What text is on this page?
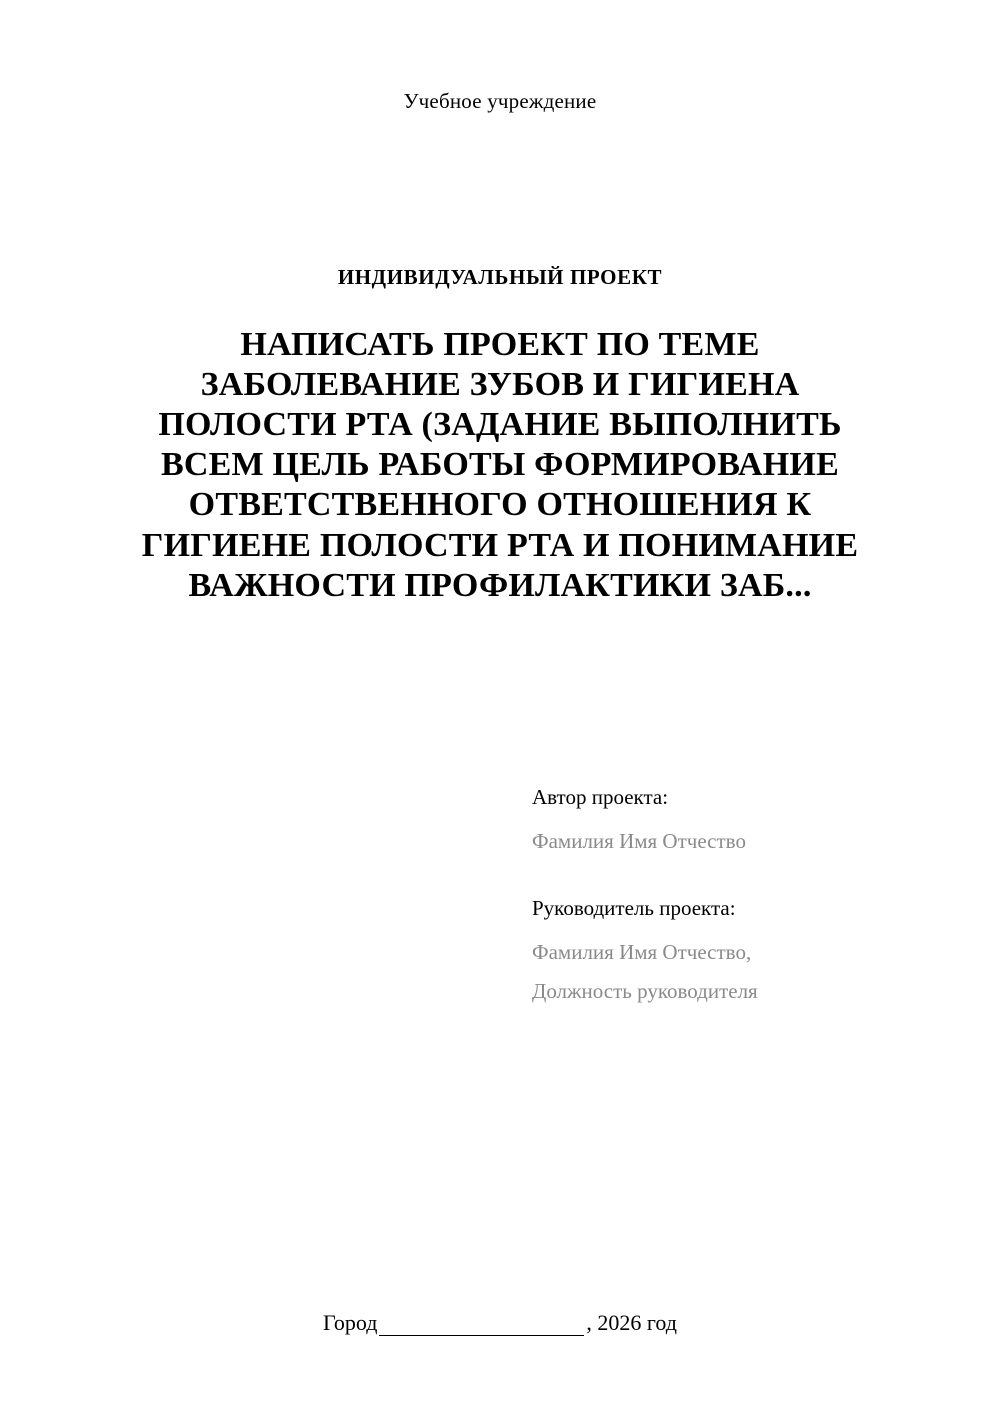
Учебное учреждение
ИНДИВИДУАЛЬНЫЙ ПРОЕКТ
НАПИСАТЬ ПРОЕКТ ПО ТЕМЕ ЗАБОЛЕВАНИЕ ЗУБОВ И ГИГИЕНА ПОЛОСТИ РТА (ЗАДАНИЕ ВЫПОЛНИТЬ ВСЕМ ЦЕЛЬ РАБОТЫ ФОРМИРОВАНИЕ ОТВЕТСТВЕННОГО ОТНОШЕНИЯ К ГИГИЕНЕ ПОЛОСТИ РТА И ПОНИМАНИЕ ВАЖНОСТИ ПРОФИЛАКТИКИ ЗАБ...
Автор проекта:
Фамилия Имя Отчество
Руководитель проекта:
Фамилия Имя Отчество,
Должность руководителя
Город	, 2026 год
